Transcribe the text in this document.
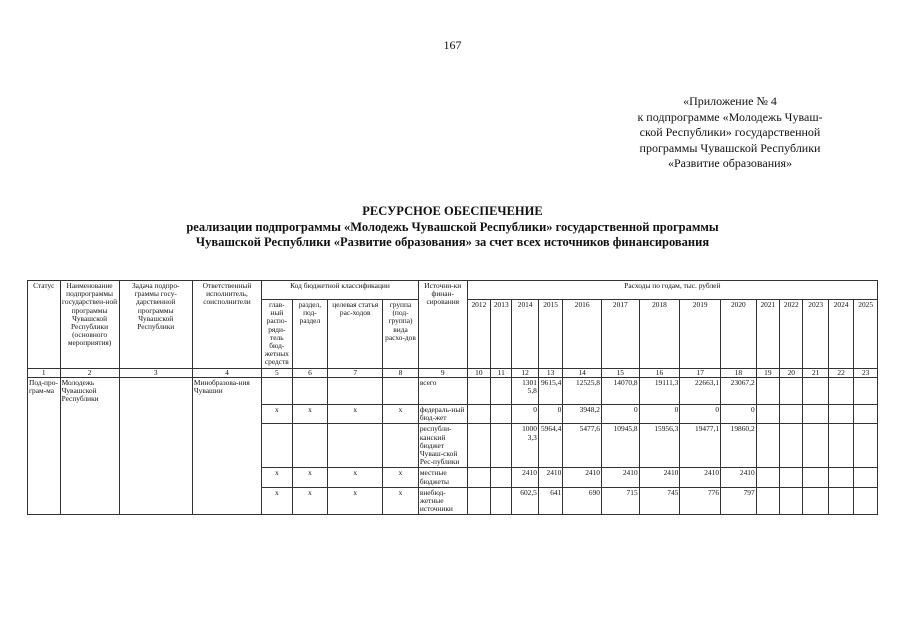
167
«Приложение № 4
к подпрограмме «Молодежь Чуваш-
ской Республики» государственной
программы Чувашской Республики
«Развитие образования»
РЕСУРСНОЕ ОБЕСПЕЧЕНИЕ
реализации подпрограммы «Молодежь Чувашской Республики» государственной программы
Чувашской Республики «Развитие образования» за счет всех источников финансирования
Статус	Наименование подпрограммы государствен-ной программы Чувашской Республики (основного мероприятия)	Задача подпро-граммы госу-дарственной программы Чувашской Республики	Ответственный исполнитель, соисполнители	Код бюджетной классификации				Источни-ки финан-сирования	Расходы по годам, тыс. рублей													
				глав-ный распо-ряди-тель бюд-жетных средств	раздел, под-раздел	целевая статья рас-ходов	группа (под-группа) вида расхо-дов		2012	2013	2014	2015	2016	2017	2018	2019	2020	2021	2022	2023	2024	2025
1	2	3	4	5	6	7	8	9	10	11	12	13	14	15	16	17	18	19	20	21	22	23
Под-про-грам-ма	Молодежь Чувашской Республики		Минобразова-ния Чувашии					всего			1301 5,8	9615,4	12525,8	14070,8	19111,3	22663,1	23067,2					
				х	х	х	х	федераль-ный бюд-жет			0	0	3948,2	0	0	0	0					
								республи-канский бюджет Чуваш-ской Рес-публики			1000 3,3	5964,4	5477,6	10945,8	15956,3	19477,1	19860,2					
				х	х	х	х	местные бюджеты			2410	2410	2410	2410	2410	2410	2410					
				х	х	х	х	внебюд-жетные источники			602,5	641	690	715	745	776	797					
